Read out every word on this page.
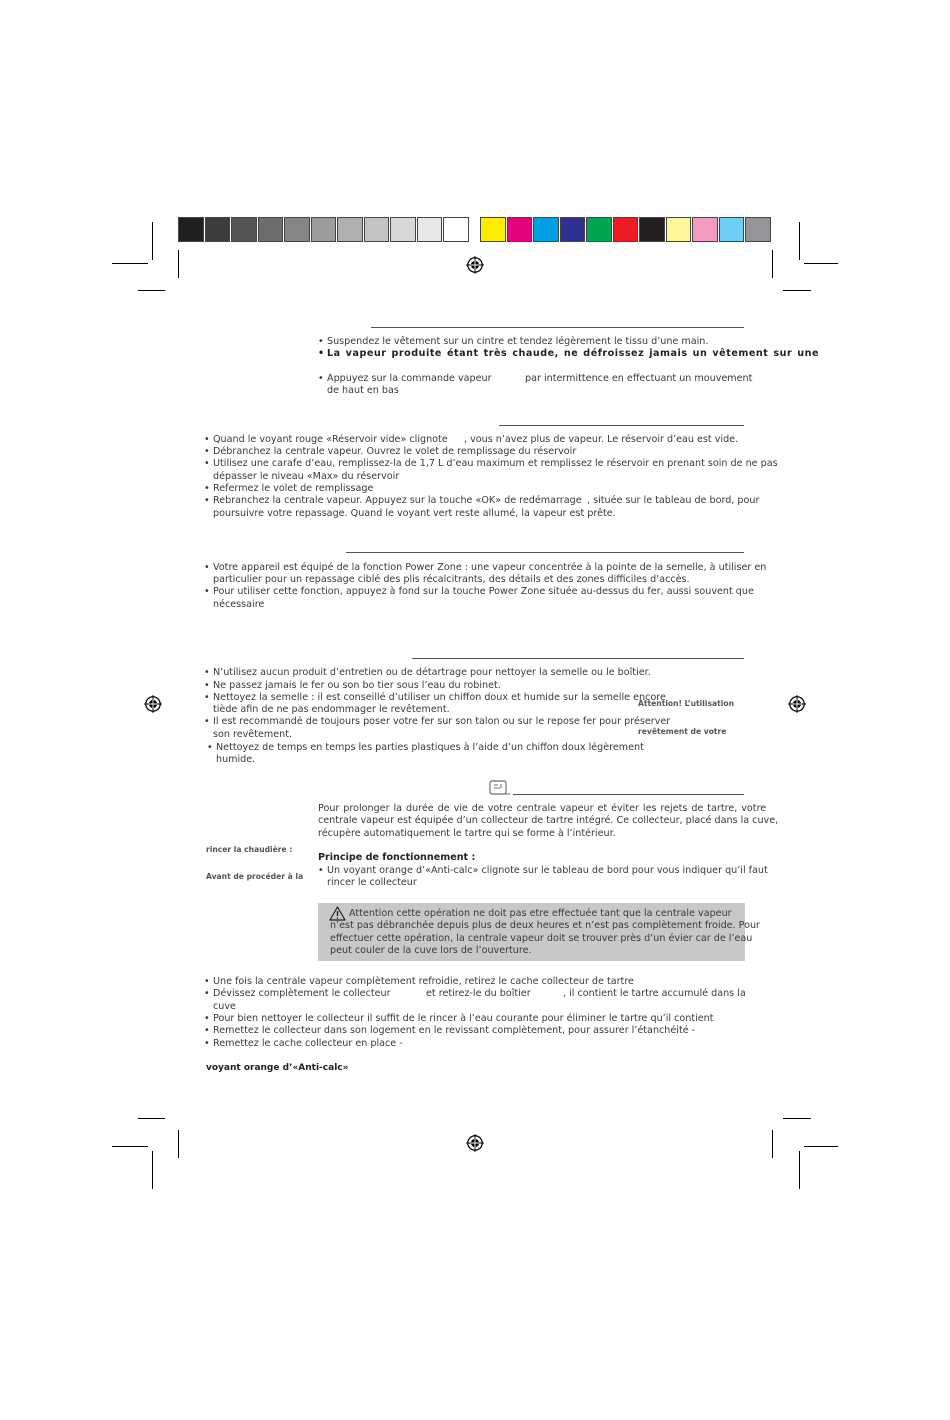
• Suspendez le vêtement sur un cintre et tendez légèrement le tissu d’une main.
• La vapeur produite étant très chaude, ne défroissez jamais un vêtement sur une
• Appuyez sur la commande vapeur	par intermittence en effectuant un mouvement
de haut en bas
• Quand le voyant rouge «Réservoir vide» clignote , vous n’avez plus de vapeur. Le réservoir d’eau est vide.
• Débranchez la centrale vapeur. Ouvrez le volet de remplissage du réservoir
• Utilisez une carafe d’eau, remplissez-la de 1,7 L d’eau maximum et remplissez le réservoir en prenant soin de ne pas
dépasser le niveau «Max» du réservoir
• Refermez le volet de remplissage
• Rebranchez la centrale vapeur. Appuyez sur la touche «OK» de redémarrage , située sur le tableau de bord, pour
poursuivre votre repassage. Quand le voyant vert reste allumé, la vapeur est prête.
• Votre appareil est équipé de la fonction Power Zone : une vapeur concentrée à la pointe de la semelle, à utiliser en
particulier pour un repassage ciblé des plis récalcitrants, des détails et des zones difficiles d’accès.
• Pour utiliser cette fonction, appuyez à fond sur la touche Power Zone située au-dessus du fer, aussi souvent que
nécessaire
• N’utilisez aucun produit d’entretien ou de détartrage pour nettoyer la semelle ou le boîtier.
• Ne passez jamais le fer ou son bo tier sous l’eau du robinet.
• Nettoyez la semelle : il est conseillé d’utiliser un chiffon doux et humide sur la semelle encore
tiède afin de ne pas endommager le revêtement.
• Il est recommandé de toujours poser votre fer sur son talon ou sur le repose fer pour préserver
son revêtement.
• Nettoyez de temps en temps les parties plastiques à l’aide d’un chiffon doux légèrement
humide.
Attention! L’utilisation
revêtement de votre
Pour prolonger la durée de vie de votre centrale vapeur et éviter les rejets de tartre, votre
centrale vapeur est équipée d’un collecteur de tartre intégré. Ce collecteur, placé dans la cuve,
récupère automatiquement le tartre qui se forme à l’intérieur.
rincer la chaudière :
Avant de procéder à la
Principe de fonctionnement :
• Un voyant orange d’«Anti-calc» clignote sur le tableau de bord pour vous indiquer qu’il faut
rincer le collecteur
Attention cette opération ne doit pas etre effectuée tant que la centrale vapeur
n’est pas débranchée depuis plus de deux heures et n’est pas complètement froide. Pour
effectuer cette opération, la centrale vapeur doit se trouver près d’un évier car de l’eau
peut couler de la cuve lors de l’ouverture.
• Une fois la centrale vapeur complètement refroidie, retirez le cache collecteur de tartre
• Dévissez complètement le collecteur	et retirez-le du boîtier	, il contient le tartre accumulé dans la
cuve
• Pour bien nettoyer le collecteur il suffit de le rincer à l’eau courante pour éliminer le tartre qu’il contient
• Remettez le collecteur dans son logement en le revissant complètement, pour assurer l’étanchéité -
• Remettez le cache collecteur en place -
voyant orange d’«Anti-calc»
